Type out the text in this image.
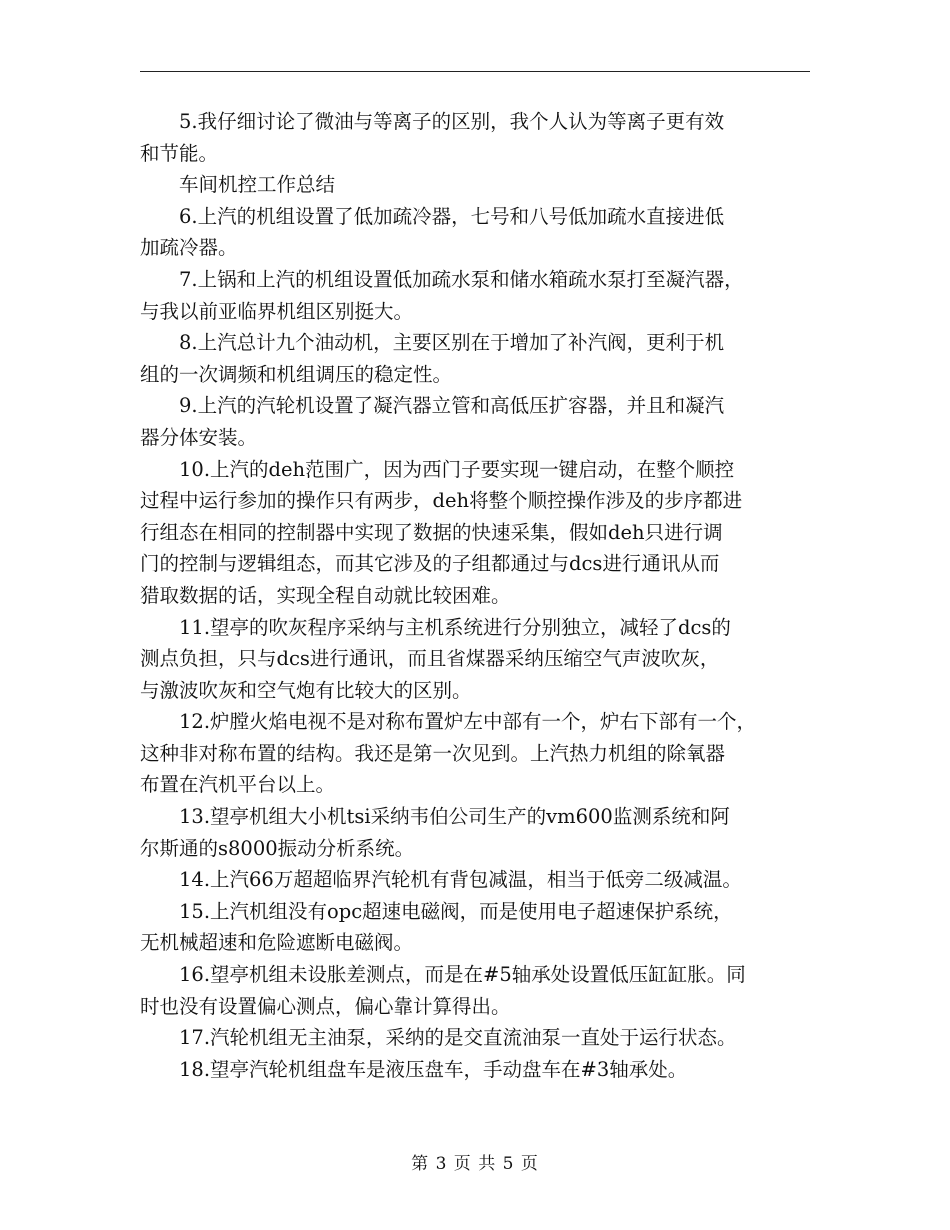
5.我仔细讨论了微油与等离子的区别，我个人认为等离子更有效
和节能。
车间机控工作总结
6.上汽的机组设置了低加疏冷器，七号和八号低加疏水直接进低
加疏冷器。
7.上锅和上汽的机组设置低加疏水泵和储水箱疏水泵打至凝汽器，
与我以前亚临界机组区别挺大。
8.上汽总计九个油动机，主要区别在于增加了补汽阀，更利于机
组的一次调频和机组调压的稳定性。
9.上汽的汽轮机设置了凝汽器立管和高低压扩容器，并且和凝汽
器分体安装。
10.上汽的deh范围广，因为西门子要实现一键启动，在整个顺控
过程中运行参加的操作只有两步，deh将整个顺控操作涉及的步序都进
行组态在相同的控制器中实现了数据的快速采集，假如deh只进行调
门的控制与逻辑组态，而其它涉及的子组都通过与dcs进行通讯从而
猎取数据的话，实现全程自动就比较困难。
11.望亭的吹灰程序采纳与主机系统进行分别独立，减轻了dcs的
测点负担，只与dcs进行通讯，而且省煤器采纳压缩空气声波吹灰，
与激波吹灰和空气炮有比较大的区别。
12.炉膛火焰电视不是对称布置炉左中部有一个，炉右下部有一个，
这种非对称布置的结构。我还是第一次见到。上汽热力机组的除氧器
布置在汽机平台以上。
13.望亭机组大小机tsi采纳韦伯公司生产的vm600监测系统和阿
尔斯通的s8000振动分析系统。
14.上汽66万超超临界汽轮机有背包减温，相当于低旁二级减温。
15.上汽机组没有opc超速电磁阀，而是使用电子超速保护系统，
无机械超速和危险遮断电磁阀。
16.望亭机组未设胀差测点，而是在#5轴承处设置低压缸缸胀。同
时也没有设置偏心测点，偏心靠计算得出。
17.汽轮机组无主油泵，采纳的是交直流油泵一直处于运行状态。
18.望亭汽轮机组盘车是液压盘车，手动盘车在#3轴承处。
第 3 页 共 5 页
